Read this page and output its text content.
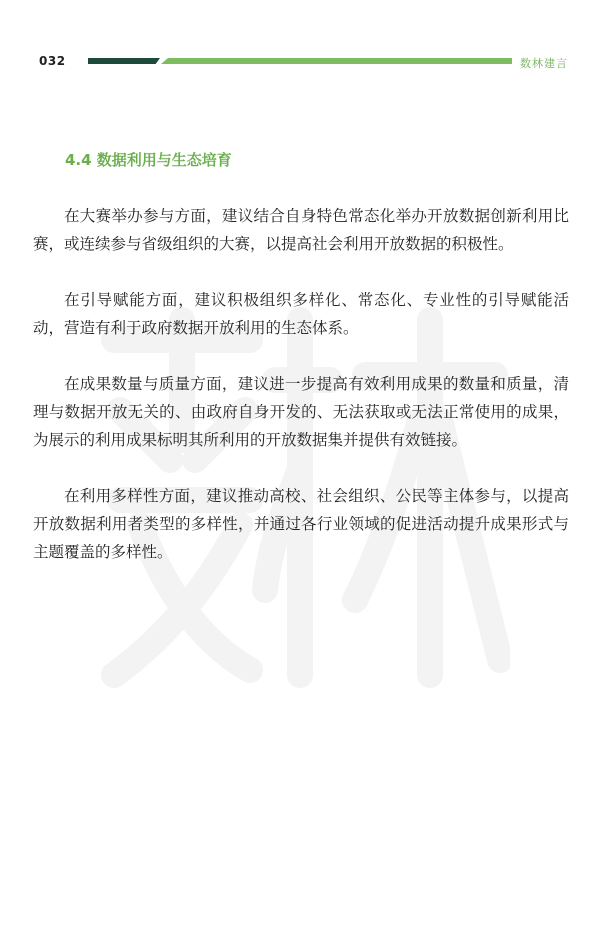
032	数林建言
4.4 数据利用与生态培育

在大赛举办参与方面，建议结合自身特色常态化举办开放数据创新利用比赛，或连续参与省级组织的大赛，以提高社会利用开放数据的积极性。

在引导赋能方面，建议积极组织多样化、常态化、专业性的引导赋能活动，营造有利于政府数据开放利用的生态体系。

在成果数量与质量方面，建议进一步提高有效利用成果的数量和质量，清理与数据开放无关的、由政府自身开发的、无法获取或无法正常使用的成果，为展示的利用成果标明其所利用的开放数据集并提供有效链接。

在利用多样性方面，建议推动高校、社会组织、公民等主体参与，以提高开放数据利用者类型的多样性，并通过各行业领域的促进活动提升成果形式与主题覆盖的多样性。
